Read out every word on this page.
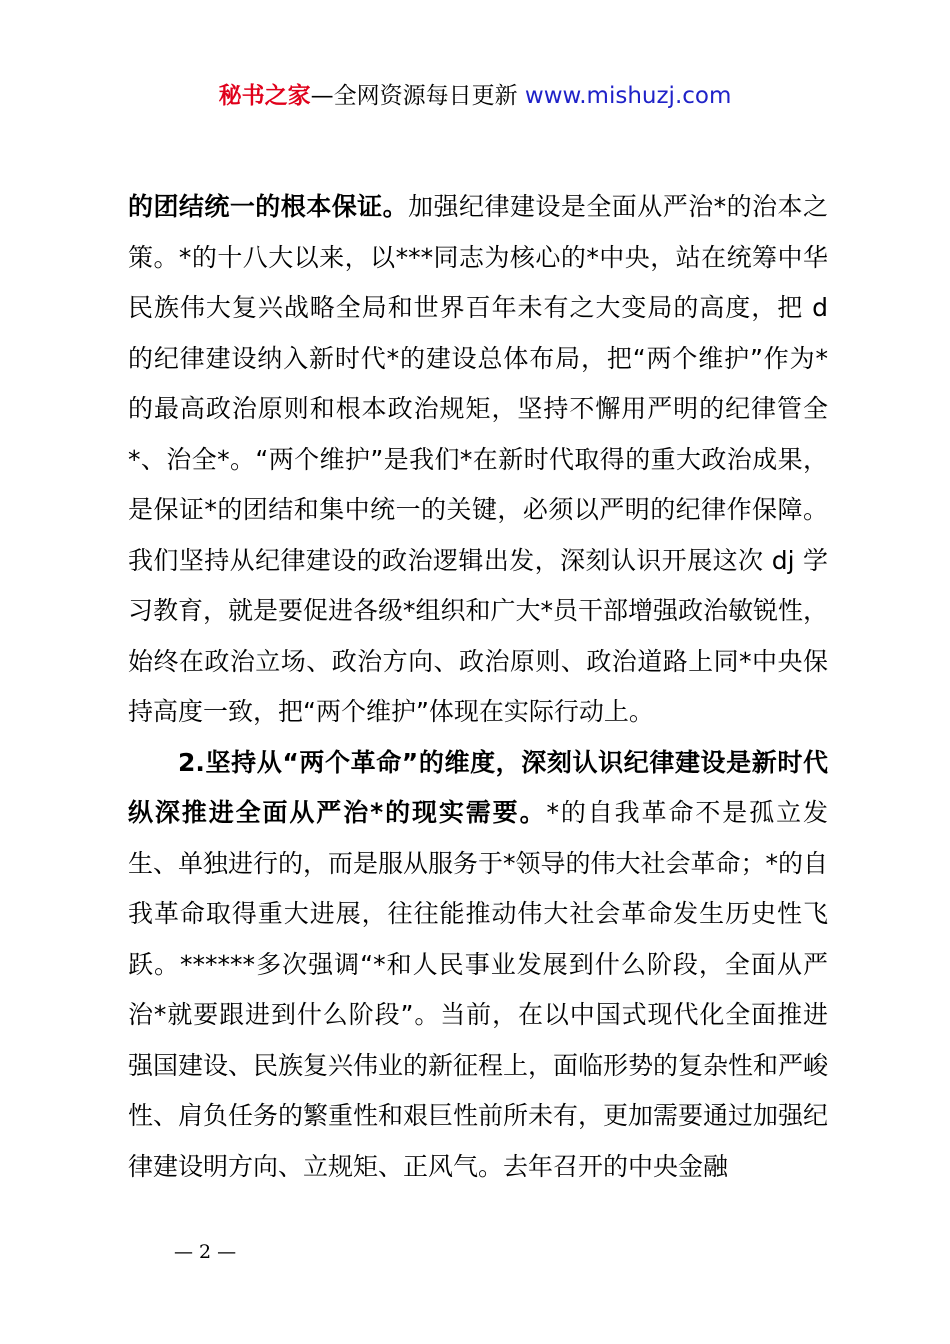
秘书之家—全网资源每日更新 www.mishuzj.com

的团结统一的根本保证。加强纪律建设是全面从严治*的治本之策。*的十八大以来，以***同志为核心的*中央，站在统筹中华民族伟大复兴战略全局和世界百年未有之大变局的高度，把 d 的纪律建设纳入新时代*的建设总体布局，把“两个维护”作为*的最高政治原则和根本政治规矩，坚持不懈用严明的纪律管全*、治全*。“两个维护”是我们*在新时代取得的重大政治成果，是保证*的团结和集中统一的关键，必须以严明的纪律作保障。我们坚持从纪律建设的政治逻辑出发，深刻认识开展这次 dj 学习教育，就是要促进各级*组织和广大*员干部增强政治敏锐性，始终在政治立场、政治方向、政治原则、政治道路上同*中央保持高度一致，把“两个维护”体现在实际行动上。

2.坚持从“两个革命”的维度，深刻认识纪律建设是新时代纵深推进全面从严治*的现实需要。*的自我革命不是孤立发生、单独进行的，而是服从服务于*领导的伟大社会革命；*的自我革命取得重大进展，往往能推动伟大社会革命发生历史性飞跃。******多次强调“*和人民事业发展到什么阶段，全面从严治*就要跟进到什么阶段”。当前，在以中国式现代化全面推进强国建设、民族复兴伟业的新征程上，面临形势的复杂性和严峻性、肩负任务的繁重性和艰巨性前所未有，更加需要通过加强纪律建设明方向、立规矩、正风气。去年召开的中央金融

— 2 —
